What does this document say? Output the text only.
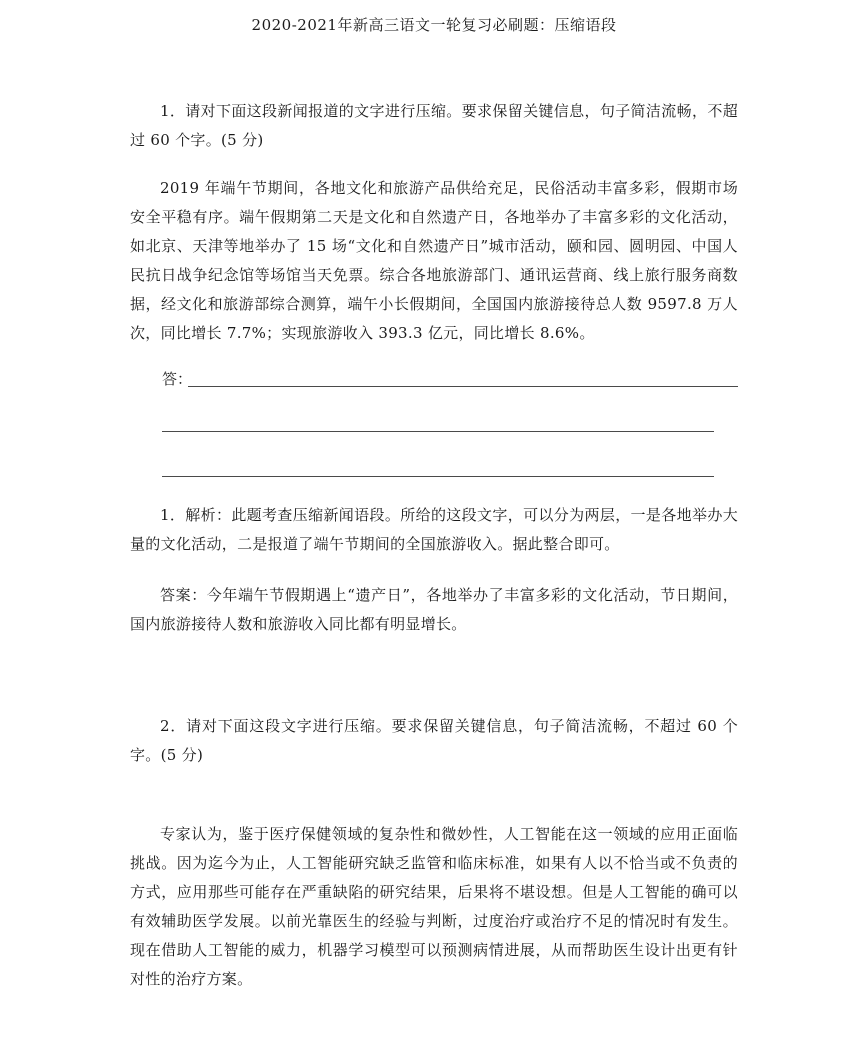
2020-2021年新高三语文一轮复习必刷题：压缩语段
1．请对下面这段新闻报道的文字进行压缩。要求保留关键信息，句子简洁流畅，不超过 60 个字。(5 分)
2019 年端午节期间，各地文化和旅游产品供给充足，民俗活动丰富多彩，假期市场安全平稳有序。端午假期第二天是文化和自然遗产日，各地举办了丰富多彩的文化活动，如北京、天津等地举办了 15 场“文化和自然遗产日”城市活动，颐和园、圆明园、中国人民抗日战争纪念馆等场馆当天免票。综合各地旅游部门、通讯运营商、线上旅行服务商数据，经文化和旅游部综合测算，端午小长假期间，全国国内旅游接待总人数 9597.8 万人次，同比增长 7.7%；实现旅游收入 393.3 亿元，同比增长 8.6%。
答：
1．解析：此题考查压缩新闻语段。所给的这段文字，可以分为两层，一是各地举办大量的文化活动，二是报道了端午节期间的全国旅游收入。据此整合即可。
答案：今年端午节假期遇上“遗产日”，各地举办了丰富多彩的文化活动，节日期间，国内旅游接待人数和旅游收入同比都有明显增长。
2．请对下面这段文字进行压缩。要求保留关键信息，句子简洁流畅，不超过 60 个字。(5 分)
专家认为，鉴于医疗保健领域的复杂性和微妙性，人工智能在这一领域的应用正面临挑战。因为迄今为止，人工智能研究缺乏监管和临床标准，如果有人以不恰当或不负责的方式，应用那些可能存在严重缺陷的研究结果，后果将不堪设想。但是人工智能的确可以有效辅助医学发展。以前光靠医生的经验与判断，过度治疗或治疗不足的情况时有发生。现在借助人工智能的威力，机器学习模型可以预测病情进展，从而帮助医生设计出更有针对性的治疗方案。
